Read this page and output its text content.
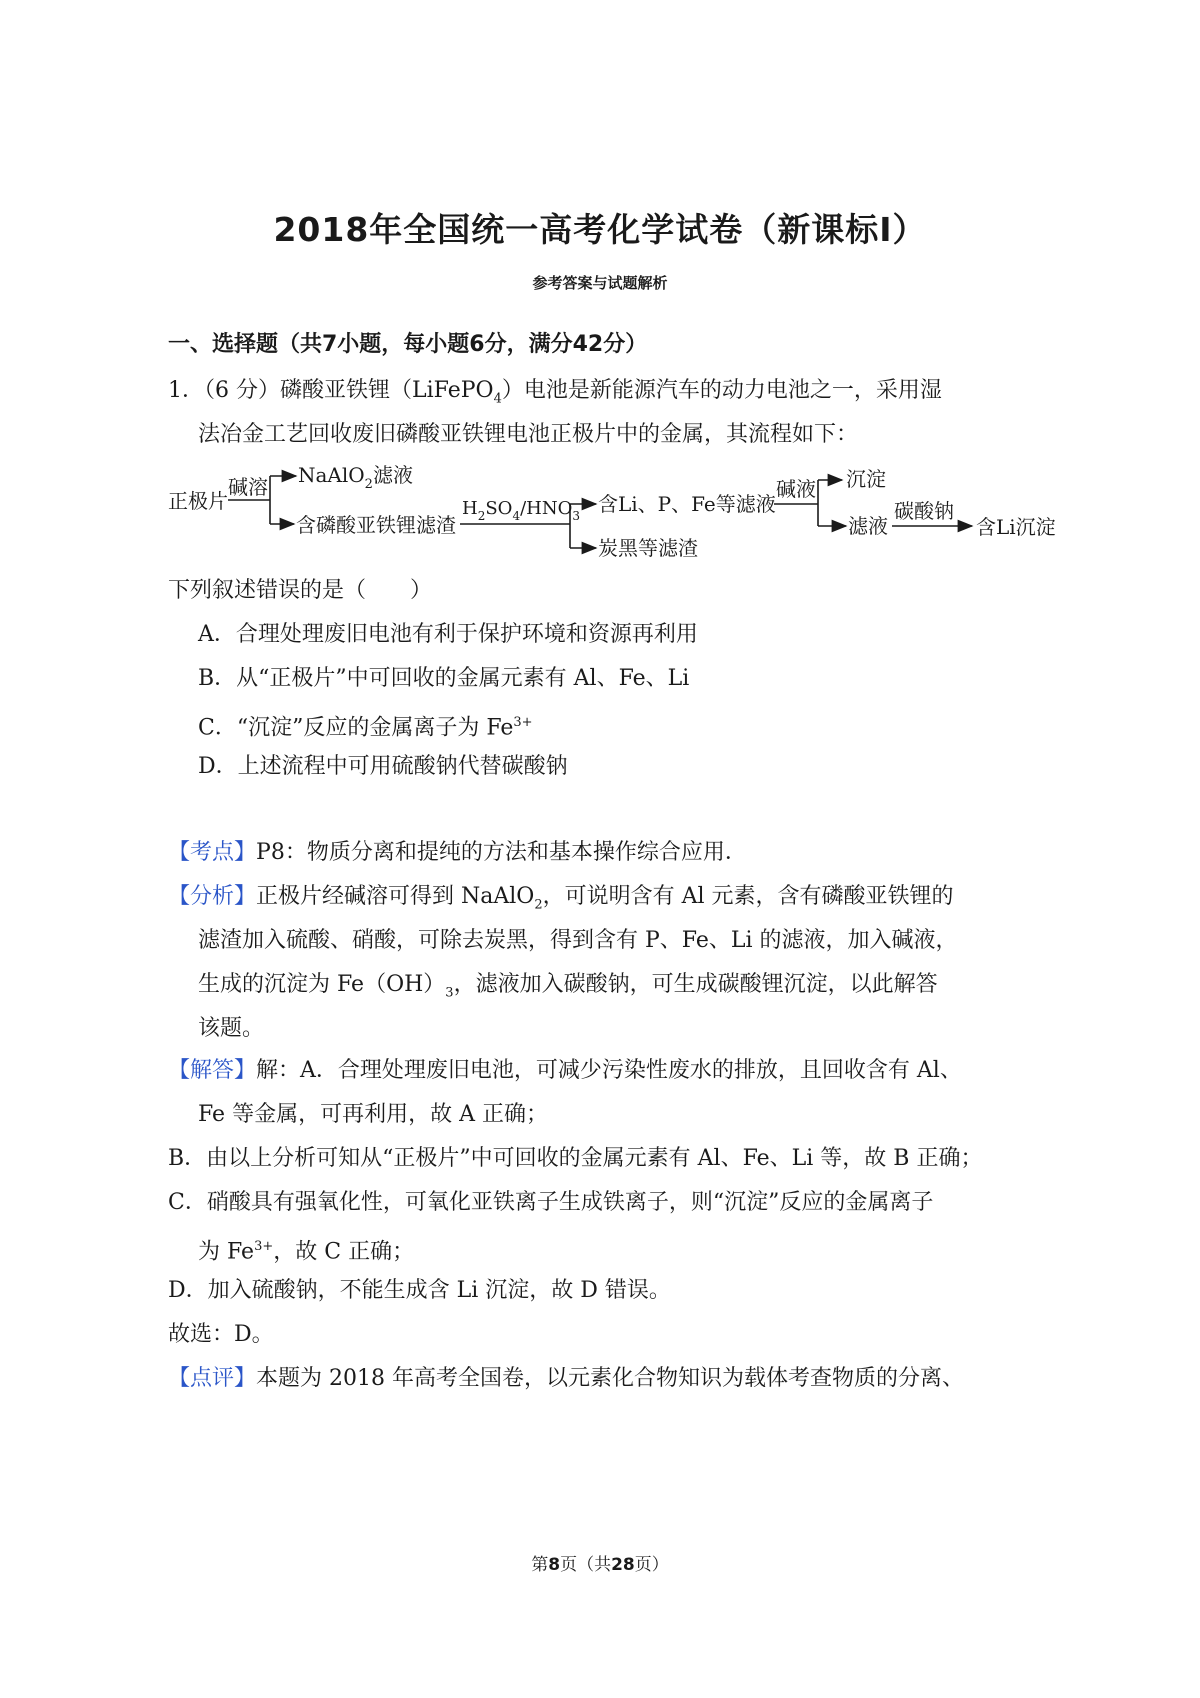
2018年全国统一高考化学试卷（新课标Ⅰ）
参考答案与试题解析
一、选择题（共7小题，每小题6分，满分42分）
1．（6 分）磷酸亚铁锂（LiFePO$_4$）电池是新能源汽车的动力电池之一，采用湿
法冶金工艺回收废旧磷酸亚铁锂电池正极片中的金属，其流程如下：
正极片
碱溶 NaAlO$_2$滤液
含磷酸亚铁锂滤渣
$H_2SO_4/HNO_3$ 含Li、P、Fe等滤液
炭黑等滤渣
碱液 沉淀
滤液
碳酸钠
含Li沉淀
下列叙述错误的是（　　）
A．合理处理废旧电池有利于保护环境和资源再利用
B．从“正极片”中可回收的金属元素有 Al、Fe、Li
C．“沉淀”反应的金属离子为 $Fe^{3+}$
D．上述流程中可用硫酸钠代替碳酸钠
【考点】P8：物质分离和提纯的方法和基本操作综合应用．
【分析】正极片经碱溶可得到 NaAlO$_2$，可说明含有 Al 元素，含有磷酸亚铁锂的
滤渣加入硫酸、硝酸，可除去炭黑，得到含有 P、Fe、Li 的滤液，加入碱液，
生成的沉淀为 $Fe(OH)_3$，滤液加入碳酸钠，可生成碳酸锂沉淀，以此解答
该题。
【解答】解：A．合理处理废旧电池，可减少污染性废水的排放，且回收含有 Al、
Fe 等金属，可再利用，故 A 正确；
B．由以上分析可知从“正极片”中可回收的金属元素有 Al、Fe、Li 等，故 B 正确；
C．硝酸具有强氧化性，可氧化亚铁离子生成铁离子，则“沉淀”反应的金属离子
为 $Fe^{3+}$，故 C 正确；
D．加入硫酸钠，不能生成含 Li 沉淀，故 D 错误。
故选：D。
【点评】本题为 2018 年高考全国卷，以元素化合物知识为载体考查物质的分离、
第8页（共28页）
